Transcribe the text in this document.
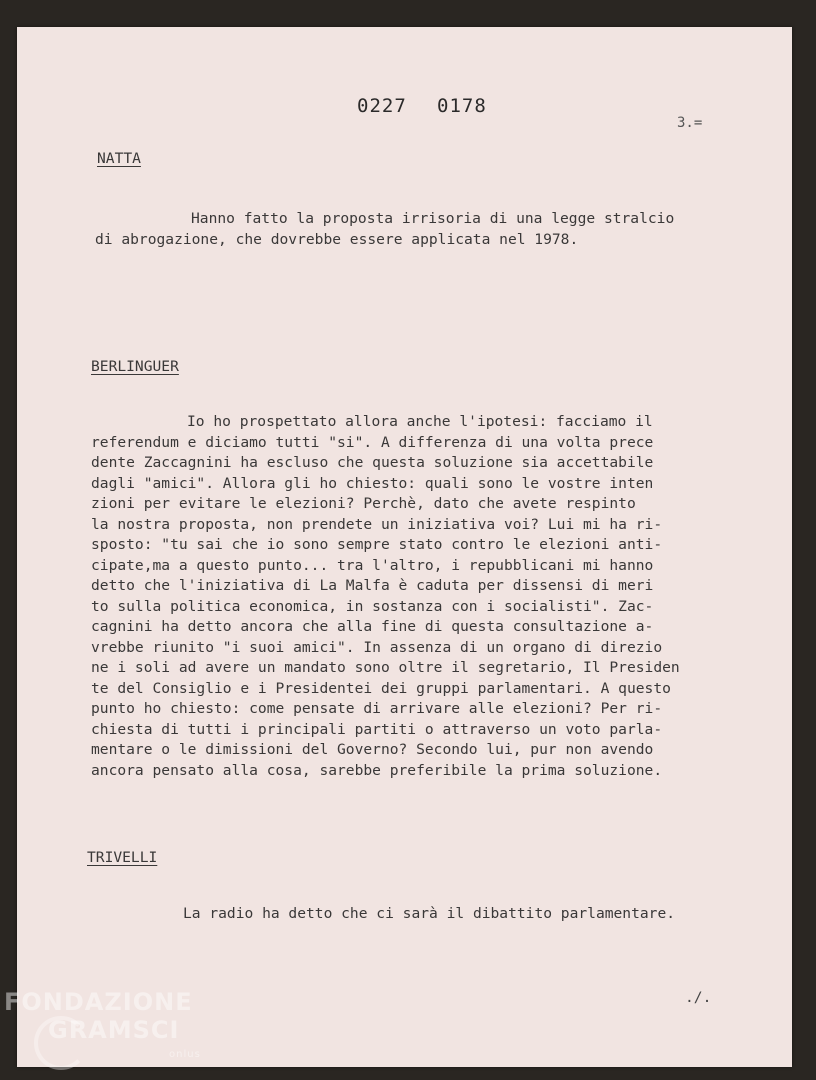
0227 0178
3.=
NATTA
Hanno fatto la proposta irrisoria di una legge stralcio
di abrogazione, che dovrebbe essere applicata nel 1978.
BERLINGUER
Io ho prospettato allora anche l'ipotesi: facciamo il
referendum e diciamo tutti "si". A differenza di una volta prece
dente Zaccagnini ha escluso che questa soluzione sia accettabile
dagli "amici". Allora gli ho chiesto: quali sono le vostre inten
zioni per evitare le elezioni? Perchè, dato che avete respinto
la nostra proposta, non prendete un iniziativa voi? Lui mi ha ri-
sposto: "tu sai che io sono sempre stato contro le elezioni anti-
cipate,ma a questo punto... tra l'altro, i repubblicani mi hanno
detto che l'iniziativa di La Malfa è caduta per dissensi di meri
to sulla politica economica, in sostanza con i socialisti". Zac-
cagnini ha detto ancora che alla fine di questa consultazione a-
vrebbe riunito "i suoi amici". In assenza di un organo di direzio
ne i soli ad avere un mandato sono oltre il segretario, Il Presiden
te del Consiglio e i Presidentei dei gruppi parlamentari. A questo
punto ho chiesto: come pensate di arrivare alle elezioni? Per ri-
chiesta di tutti i principali partiti o attraverso un voto parla-
mentare o le dimissioni del Governo? Secondo lui, pur non avendo
ancora pensato alla cosa, sarebbe preferibile la prima soluzione.
TRIVELLI
La radio ha detto che ci sarà il dibattito parlamentare.
./.
FONDAZIONE
GRAMSCI
onlus
